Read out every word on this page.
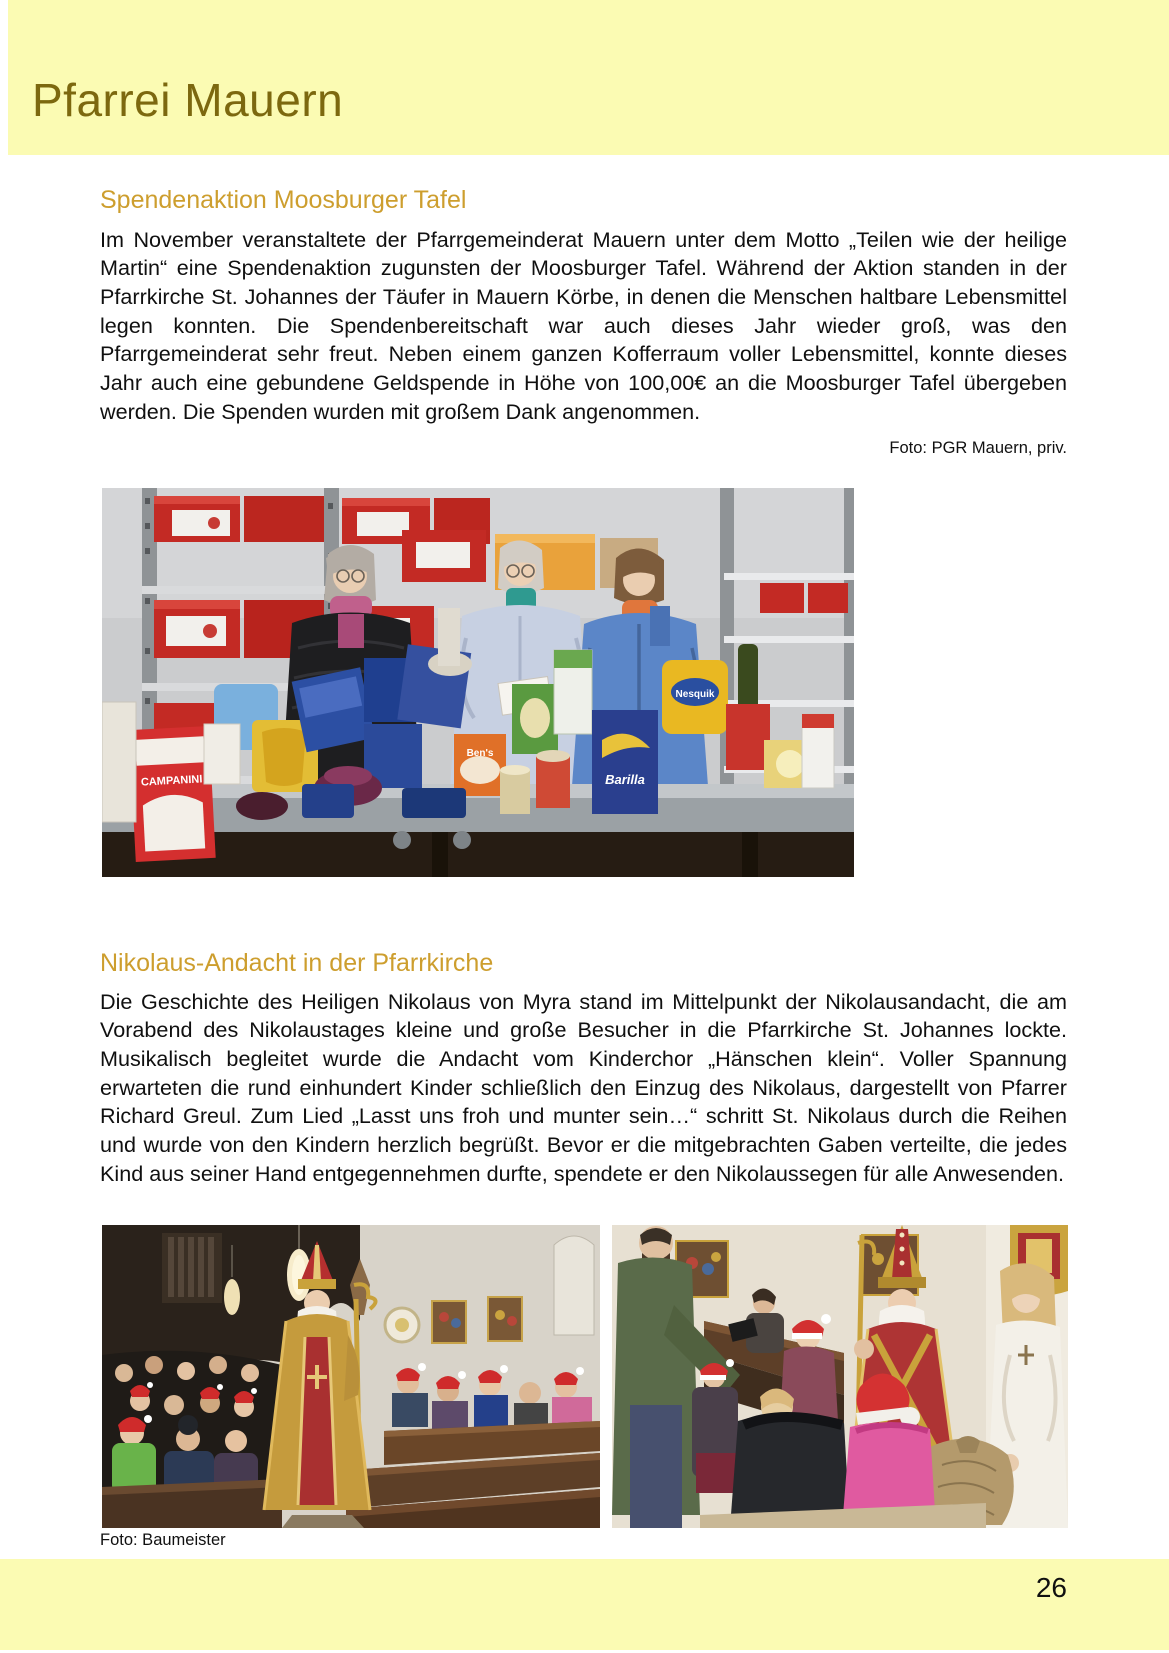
Pfarrei Mauern
Spendenaktion Moosburger Tafel

Im November veranstaltete der Pfarrgemeinderat Mauern unter dem Motto „Teilen wie der heilige Martin“ eine Spendenaktion zugunsten der Moosburger Tafel. Während der Aktion standen in der Pfarrkirche St. Johannes der Täufer in Mauern Körbe, in denen die Menschen haltbare Lebensmittel legen konnten. Die Spendenbereitschaft war auch dieses Jahr wieder groß, was den Pfarrgemeinderat sehr freut. Neben einem ganzen Kofferraum voller Lebensmittel, konnte dieses Jahr auch eine gebundene Geldspende in Höhe von 100,00€ an die Moosburger Tafel übergeben werden. Die Spenden wurden mit großem Dank angenommen.

Foto: PGR Mauern, priv.
Ben's
Barilla
Nesquik
CAMPANINI
Nikolaus-Andacht in der Pfarrkirche

Die Geschichte des Heiligen Nikolaus von Myra stand im Mittelpunkt der Nikolausandacht, die am Vorabend des Nikolaustages kleine und große Besucher in die Pfarrkirche St. Johannes lockte. Musikalisch begleitet wurde die Andacht vom Kinderchor „Hänschen klein“. Voller Spannung erwarteten die rund einhundert Kinder schließlich den Einzug des Nikolaus, dargestellt von Pfarrer Richard Greul. Zum Lied „Lasst uns froh und munter sein…“ schritt St. Nikolaus durch die Reihen und wurde von den Kindern herzlich begrüßt. Bevor er die mitgebrachten Gaben verteilte, die jedes Kind aus seiner Hand entgegennehmen durfte, spendete er den Nikolaussegen für alle Anwesenden.

Foto: Baumeister
26
